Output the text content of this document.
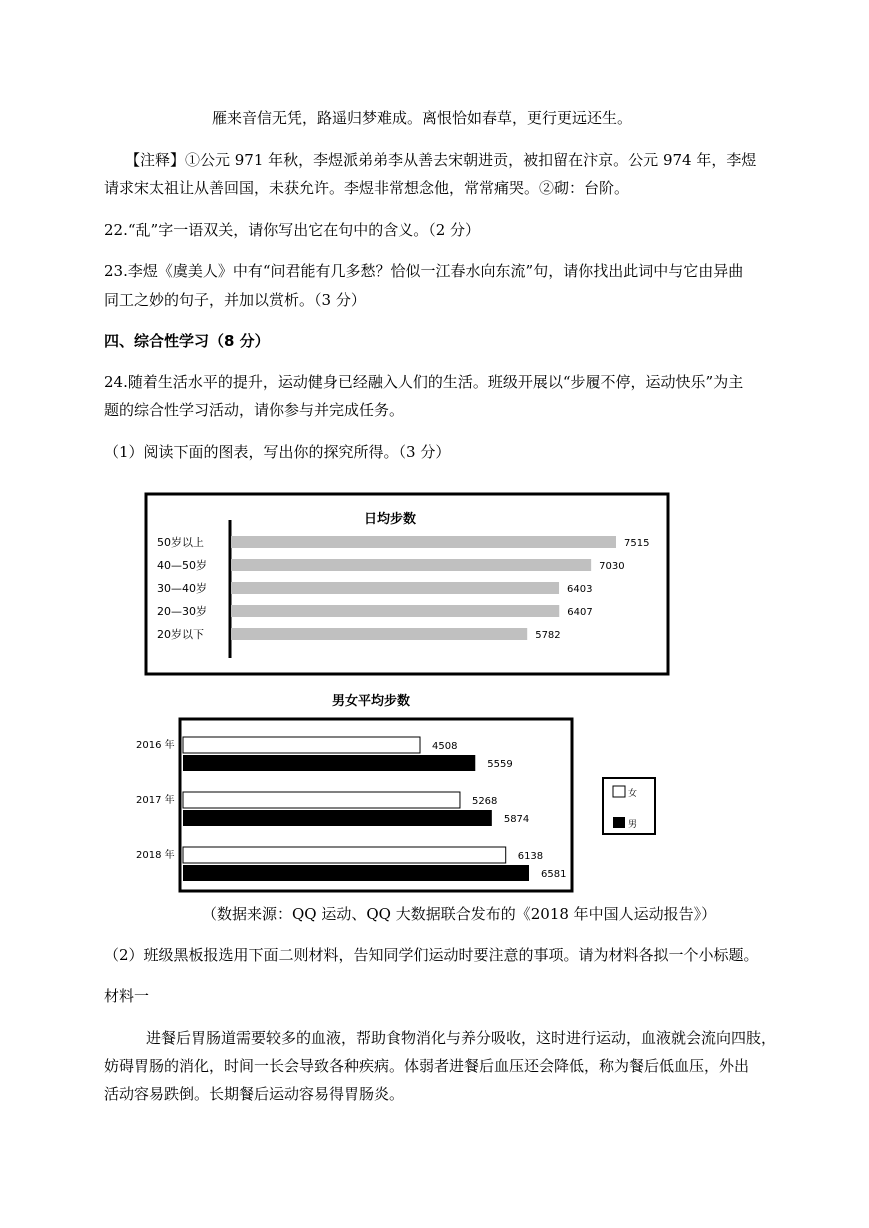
雁来音信无凭，路遥归梦难成。离恨恰如春草，更行更远还生。
【注释】①公元 971 年秋，李煜派弟弟李从善去宋朝进贡，被扣留在汴京。公元 974 年，李煜
请求宋太祖让从善回国，未获允许。李煜非常想念他，常常痛哭。②砌：台阶。
22.“乱”字一语双关，请你写出它在句中的含义。（2 分）
23.李煜《虞美人》中有“问君能有几多愁？恰似一江春水向东流”句，请你找出此词中与它由异曲
同工之妙的句子，并加以赏析。（3 分）
四、综合性学习（8 分）
24.随着生活水平的提升，运动健身已经融入人们的生活。班级开展以“步履不停，运动快乐”为主
题的综合性学习活动，请你参与并完成任务。
（1）阅读下面的图表，写出你的探究所得。（3 分）
日均步数
50岁以上	7515
40—50岁	7030
30—40岁	6403
20—30岁	6407
20岁以下	5782
男女平均步数
2016 年	4508
5559
2017 年	5268
5874
2018 年	6138
6581
女
男
（数据来源：QQ 运动、QQ 大数据联合发布的《2018 年中国人运动报告》）
（2）班级黑板报选用下面二则材料，告知同学们运动时要注意的事项。请为材料各拟一个小标题。
材料一
进餐后胃肠道需要较多的血液，帮助食物消化与养分吸收，这时进行运动，血液就会流向四肢，
妨碍胃肠的消化，时间一长会导致各种疾病。体弱者进餐后血压还会降低，称为餐后低血压，外出
活动容易跌倒。长期餐后运动容易得胃肠炎。
